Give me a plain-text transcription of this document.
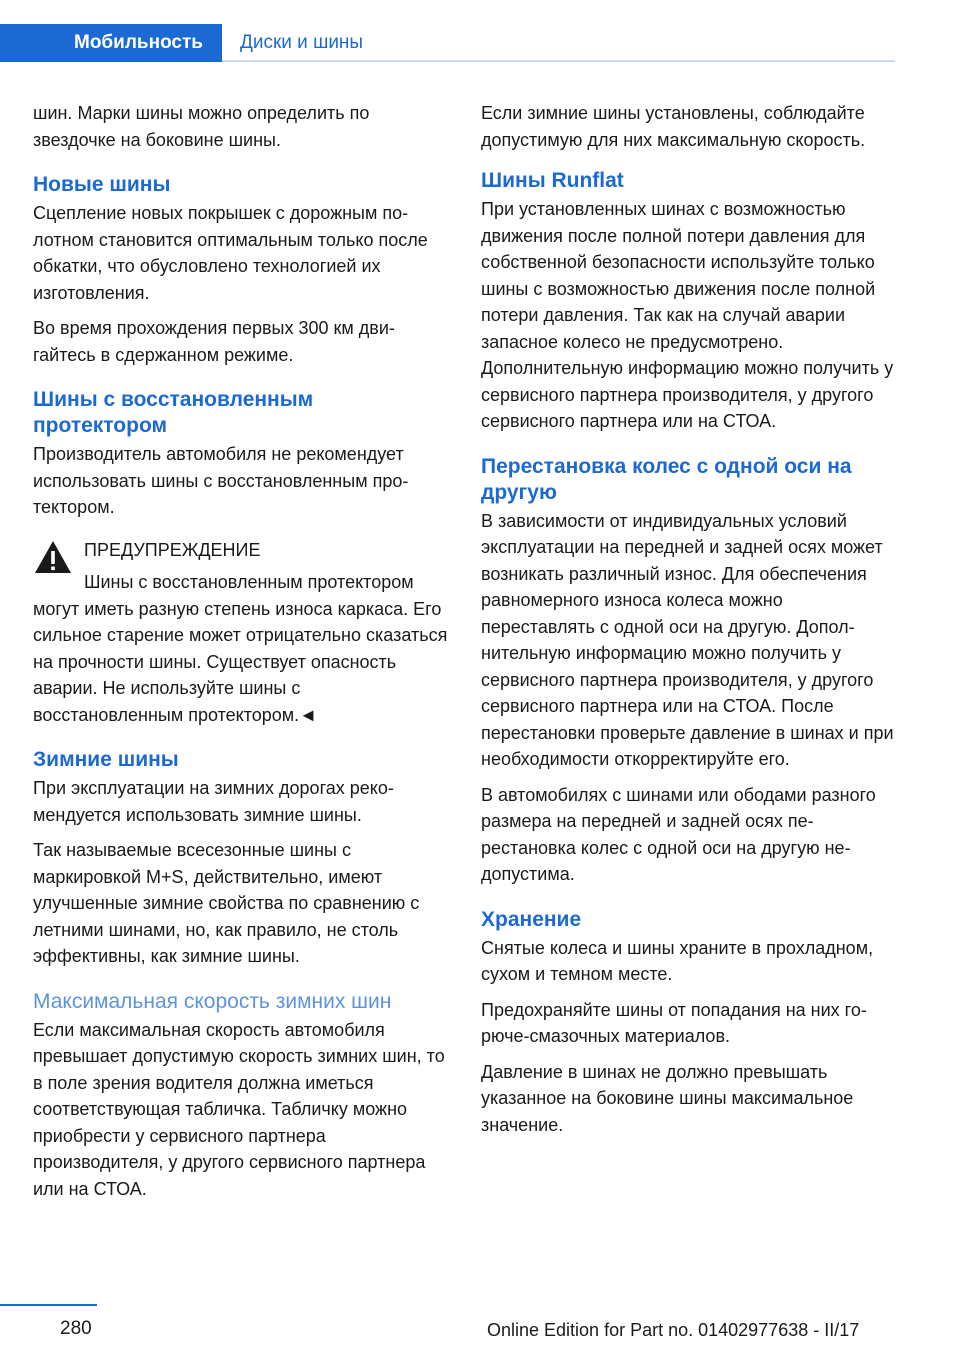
Мобильность	Диски и шины

шин. Марки шины можно определить по звездочке на боковине шины.

Новые шины

Сцепление новых покрышек с дорожным полотном становится оптимальным только после обкатки, что обусловлено технологией их изготовления.

Во время прохождения первых 300 км двигайтесь в сдержанном режиме.

Шины с восстановленным протектором

Производитель автомобиля не рекомендует использовать шины с восстановленным протектором.

ПРЕДУПРЕЖДЕНИЕ

Шины с восстановленным протектором могут иметь разную степень износа каркаса. Его сильное старение может отрицательно сказаться на прочности шины. Существует опасность аварии. Не используйте шины с восстановленным протектором.◄

Зимние шины

При эксплуатации на зимних дорогах рекомендуется использовать зимние шины.

Так называемые всесезонные шины с маркировкой M+S, действительно, имеют улучшенные зимние свойства по сравнению с летними шинами, но, как правило, не столь эффективны, как зимние шины.

Максимальная скорость зимних шин

Если максимальная скорость автомобиля превышает допустимую скорость зимних шин, то в поле зрения водителя должна иметься соответствующая табличка. Табличку можно приобрести у сервисного партнера производителя, у другого сервисного партнера или на СТОА.

Если зимние шины установлены, соблюдайте допустимую для них максимальную скорость.

Шины Runflat

При установленных шинах с возможностью движения после полной потери давления для собственной безопасности используйте только шины с возможностью движения после полной потери давления. Так как на случай аварии запасное колесо не предусмотрено. Дополнительную информацию можно получить у сервисного партнера производителя, у другого сервисного партнера или на СТОА.

Перестановка колес с одной оси на другую

В зависимости от индивидуальных условий эксплуатации на передней и задней осях может возникать различный износ. Для обеспечения равномерного износа колеса можно переставлять с одной оси на другую. Дополнительную информацию можно получить у сервисного партнера производителя, у другого сервисного партнера или на СТОА. После перестановки проверьте давление в шинах и при необходимости откорректируйте его.

В автомобилях с шинами или ободами разного размера на передней и задней осях перестановка колес с одной оси на другую недопустима.

Хранение

Снятые колеса и шины храните в прохладном, сухом и темном месте.

Предохраняйте шины от попадания на них горюче-смазочных материалов.

Давление в шинах не должно превышать указанное на боковине шины максимальное значение.

280	Online Edition for Part no. 01402977638 - II/17
